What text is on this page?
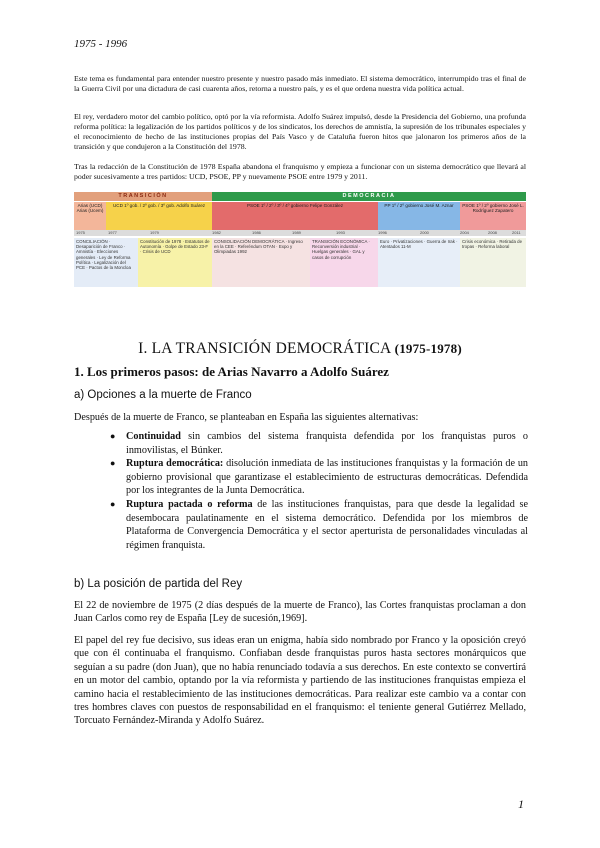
1975 - 1996

Este tema es fundamental para entender nuestro presente y nuestro pasado más inmediato. El sistema democrático, interrumpido tras el final de la Guerra Civil por una dictadura de casi cuarenta años, retorna a nuestro país, y es el que ordena nuestra vida política actual.

El rey, verdadero motor del cambio político, optó por la vía reformista. Adolfo Suárez impulsó, desde la Presidencia del Gobierno, una profunda reforma política: la legalización de los partidos políticos y de los sindicatos, los derechos de amnistía, la supresión de los tribunales especiales y el reconocimiento de hecho de las instituciones propias del País Vasco y de Cataluña fueron hitos que jalonaron los primeros años de la transición y que condujeron a la Constitución del 1978.

Tras la redacción de la Constitución de 1978 España abandona el franquismo y empieza a funcionar con un sistema democrático que llevará al poder sucesivamente a tres partidos: UCD, PSOE, PP y nuevamente PSOE entre 1979 y 2011.

TRANSICIÓN	DEMOCRACIA
Arias (UCD) Arias (Ucem)
UCD 1º gob. / 2º gob. / 3º gob. Adolfo Suárez	PSOE 1º / 2º / 3º / 4º gobierno Felipe González	PP 1º / 2º gobierno José M. Aznar	PSOE 1º / 2º gobierno José L. Rodríguez Zapatero
1975	1977	1979	1982	1986	1989	1993	1996	2000	2004	2008	2011
CONCILIACIÓN · Desaparición de Franco · Amnistía · Elecciones generales · Ley de Reforma Política · Legalización del PCE · Pactos de la Moncloa
Constitución de 1978 · Estatutos de Autonomía · Golpe de Estado 23-F · Crisis de UCD
CONSOLIDACIÓN DEMOCRÁTICA · Ingreso en la CEE · Referéndum OTAN · Expo y Olimpiadas 1992
TRANSICIÓN ECONÓMICA · Reconversión industrial · Huelgas generales · GAL y casos de corrupción
Euro · Privatizaciones · Guerra de Irak · Atentados 11-M
Crisis económica · Retirada de tropas · Reforma laboral
I. LA TRANSICIÓN DEMOCRÁTICA (1975-1978)
1. Los primeros pasos: de Arias Navarro a Adolfo Suárez
a) Opciones a la muerte de Franco

Después de la muerte de Franco, se planteaban en España las siguientes alternativas:

● Continuidad sin cambios del sistema franquista defendida por los franquistas puros o inmovilistas, el Búnker.
● Ruptura democrática: disolución inmediata de las instituciones franquistas y la formación de un gobierno provisional que garantizase el establecimiento de estructuras democráticas. Defendida por los integrantes de la Junta Democrática.
● Ruptura pactada o reforma de las instituciones franquistas, para que desde la legalidad se desembocara paulatinamente en el sistema democrático. Defendida por los miembros de Plataforma de Convergencia Democrática y el sector aperturista de personalidades vinculadas al régimen franquista.
b) La posición de partida del Rey

El 22 de noviembre de 1975 (2 días después de la muerte de Franco), las Cortes franquistas proclaman a don Juan Carlos como rey de España [Ley de sucesión,1969].

El papel del rey fue decisivo, sus ideas eran un enigma, había sido nombrado por Franco y la oposición creyó que con él continuaba el franquismo. Confiaban desde franquistas puros hasta sectores monárquicos que seguían a su padre (don Juan), que no había renunciado todavía a sus derechos. En este contexto se convertirá en un motor del cambio, optando por la vía reformista y partiendo de las instituciones franquistas empieza el camino hacia el restablecimiento de las instituciones democráticas. Para realizar este cambio va a contar con tres hombres claves con puestos de responsabilidad en el franquismo: el teniente general Gutiérrez Mellado, Torcuato Fernández-Miranda y Adolfo Suárez.

1
